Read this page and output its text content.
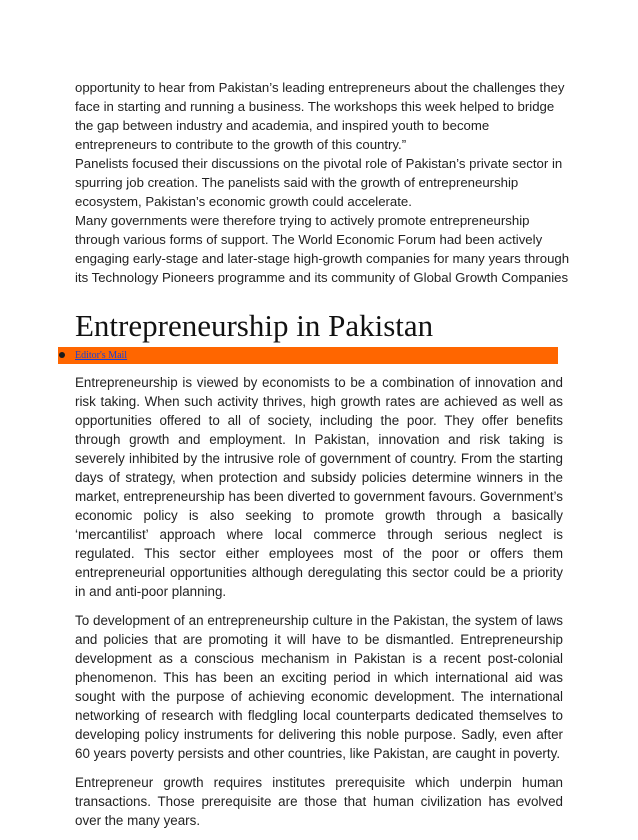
opportunity to hear from Pakistan’s leading entrepreneurs about the challenges they face in starting and running a business. The workshops this week helped to bridge the gap between industry and academia, and inspired youth to become entrepreneurs to contribute to the growth of this country.”

Panelists focused their discussions on the pivotal role of Pakistan’s private sector in spurring job creation. The panelists said with the growth of entrepreneurship ecosystem, Pakistan’s economic growth could accelerate.

Many governments were therefore trying to actively promote entrepreneurship through various forms of support. The World Economic Forum had been actively engaging early-stage and later-stage high-growth companies for many years through its Technology Pioneers programme and its community of Global Growth Companies

Entrepreneurship in Pakistan
Editor's Mail

Entrepreneurship is viewed by economists to be a combination of innovation and risk taking. When such activity thrives, high growth rates are achieved as well as opportunities offered to all of society, including the poor. They offer benefits through growth and employment. In Pakistan, innovation and risk taking is severely inhibited by the intrusive role of government of country. From the starting days of strategy, when protection and subsidy policies determine winners in the market, entrepreneurship has been diverted to government favours. Government’s economic policy is also seeking to promote growth through a basically ‘mercantilist’ approach where local commerce through serious neglect is regulated. This sector either employees most of the poor or offers them entrepreneurial opportunities although deregulating this sector could be a priority in and anti-poor planning.

To development of an entrepreneurship culture in the Pakistan, the system of laws and policies that are promoting it will have to be dismantled. Entrepreneurship development as a conscious mechanism in Pakistan is a recent post-colonial phenomenon. This has been an exciting period in which international aid was sought with the purpose of achieving economic development. The international networking of research with fledgling local counterparts dedicated themselves to developing policy instruments for delivering this noble purpose. Sadly, even after 60 years poverty persists and other countries, like Pakistan, are caught in poverty.

Entrepreneur growth requires institutes prerequisite which underpin human transactions. Those prerequisite are those that human civilization has evolved over the many years.
